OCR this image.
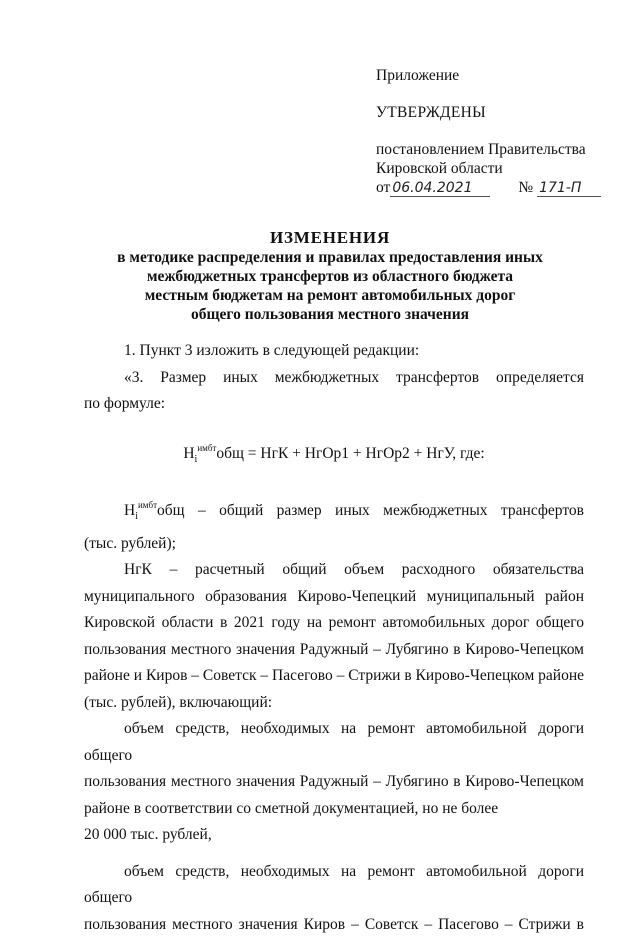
Приложение

УТВЕРЖДЕНЫ

постановлением Правительства
Кировской области
от 06.04.2021	№ 171-П
ИЗМЕНЕНИЯ

в методике распределения и правилах предоставления иных

межбюджетных трансфертов из областного бюджета

местным бюджетам на ремонт автомобильных дорог

общего пользования местного значения

1. Пункт 3 изложить в следующей редакции:

«3. Размер иных межбюджетных трансфертов определяется

по формуле:

$H_i^{имбт}общ$ = НгК + НгОр1 + НгОр2 + НгУ, где:

$H_i^{имбт}общ$ – общий размер иных межбюджетных трансфертов

(тыс. рублей);

НгК – расчетный общий объем расходного обязательства

муниципального образования Кирово-Чепецкий муниципальный район Кировской области в 2021 году на ремонт автомобильных дорог общего пользования местного значения Радужный – Лубягино в Кирово-Чепецком районе и Киров – Советск – Пасегово – Стрижи в Кирово-Чепецком районе (тыс. рублей), включающий:

объем средств, необходимых на ремонт автомобильной дороги общего

пользования местного значения Радужный – Лубягино в Кирово-Чепецком районе в соответствии со сметной документацией, но не более

20 000 тыс. рублей,

объем средств, необходимых на ремонт автомобильной дороги общего

пользования местного значения Киров – Советск – Пасегово – Стрижи в
